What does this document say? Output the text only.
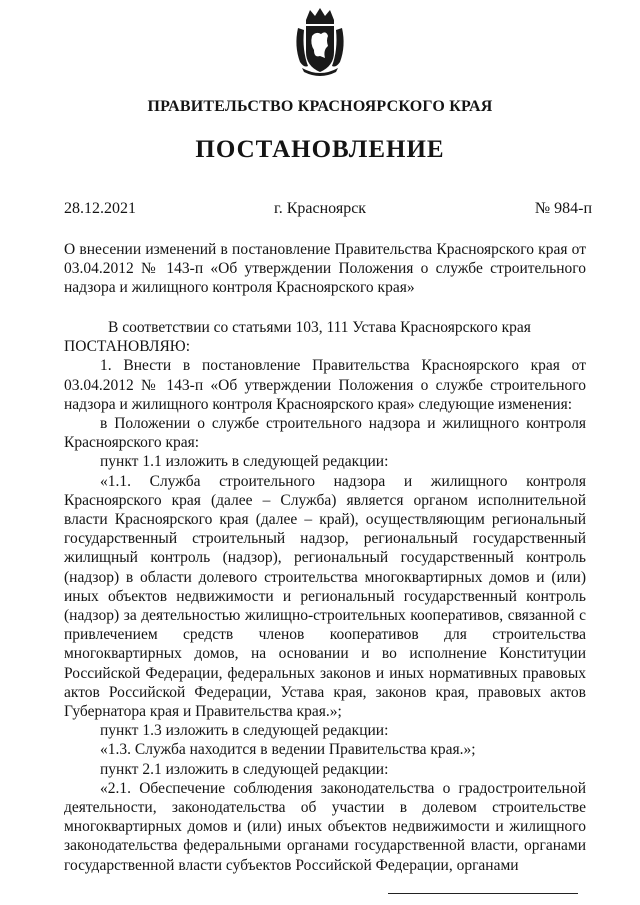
ПРАВИТЕЛЬСТВО КРАСНОЯРСКОГО КРАЯ
ПОСТАНОВЛЕНИЕ
28.12.2021	г. Красноярск	№ 984-п
О внесении изменений в постановление Правительства Красноярского края от 03.04.2012 № 143-п «Об утверждении Положения о службе строительного надзора и жилищного контроля Красноярского края»

В соответствии со статьями 103, 111 Устава Красноярского края

ПОСТАНОВЛЯЮ:

1. Внести в постановление Правительства Красноярского края от 03.04.2012 № 143-п «Об утверждении Положения о службе строительного надзора и жилищного контроля Красноярского края» следующие изменения:

в Положении о службе строительного надзора и жилищного контроля Красноярского края:

пункт 1.1 изложить в следующей редакции:

«1.1. Служба строительного надзора и жилищного контроля Красноярского края (далее – Служба) является органом исполнительной власти Красноярского края (далее – край), осуществляющим региональный государственный строительный надзор, региональный государственный жилищный контроль (надзор), региональный государственный контроль (надзор) в области долевого строительства многоквартирных домов и (или) иных объектов недвижимости и региональный государственный контроль (надзор) за деятельностью жилищно-строительных кооперативов, связанной с привлечением средств членов кооперативов для строительства многоквартирных домов, на основании и во исполнение Конституции Российской Федерации, федеральных законов и иных нормативных правовых актов Российской Федерации, Устава края, законов края, правовых актов Губернатора края и Правительства края.»;

пункт 1.3 изложить в следующей редакции:

«1.3. Служба находится в ведении Правительства края.»;

пункт 2.1 изложить в следующей редакции:

«2.1. Обеспечение соблюдения законодательства о градостроительной деятельности, законодательства об участии в долевом строительстве многоквартирных домов и (или) иных объектов недвижимости и жилищного законодательства федеральными органами государственной власти, органами государственной власти субъектов Российской Федерации, органами
